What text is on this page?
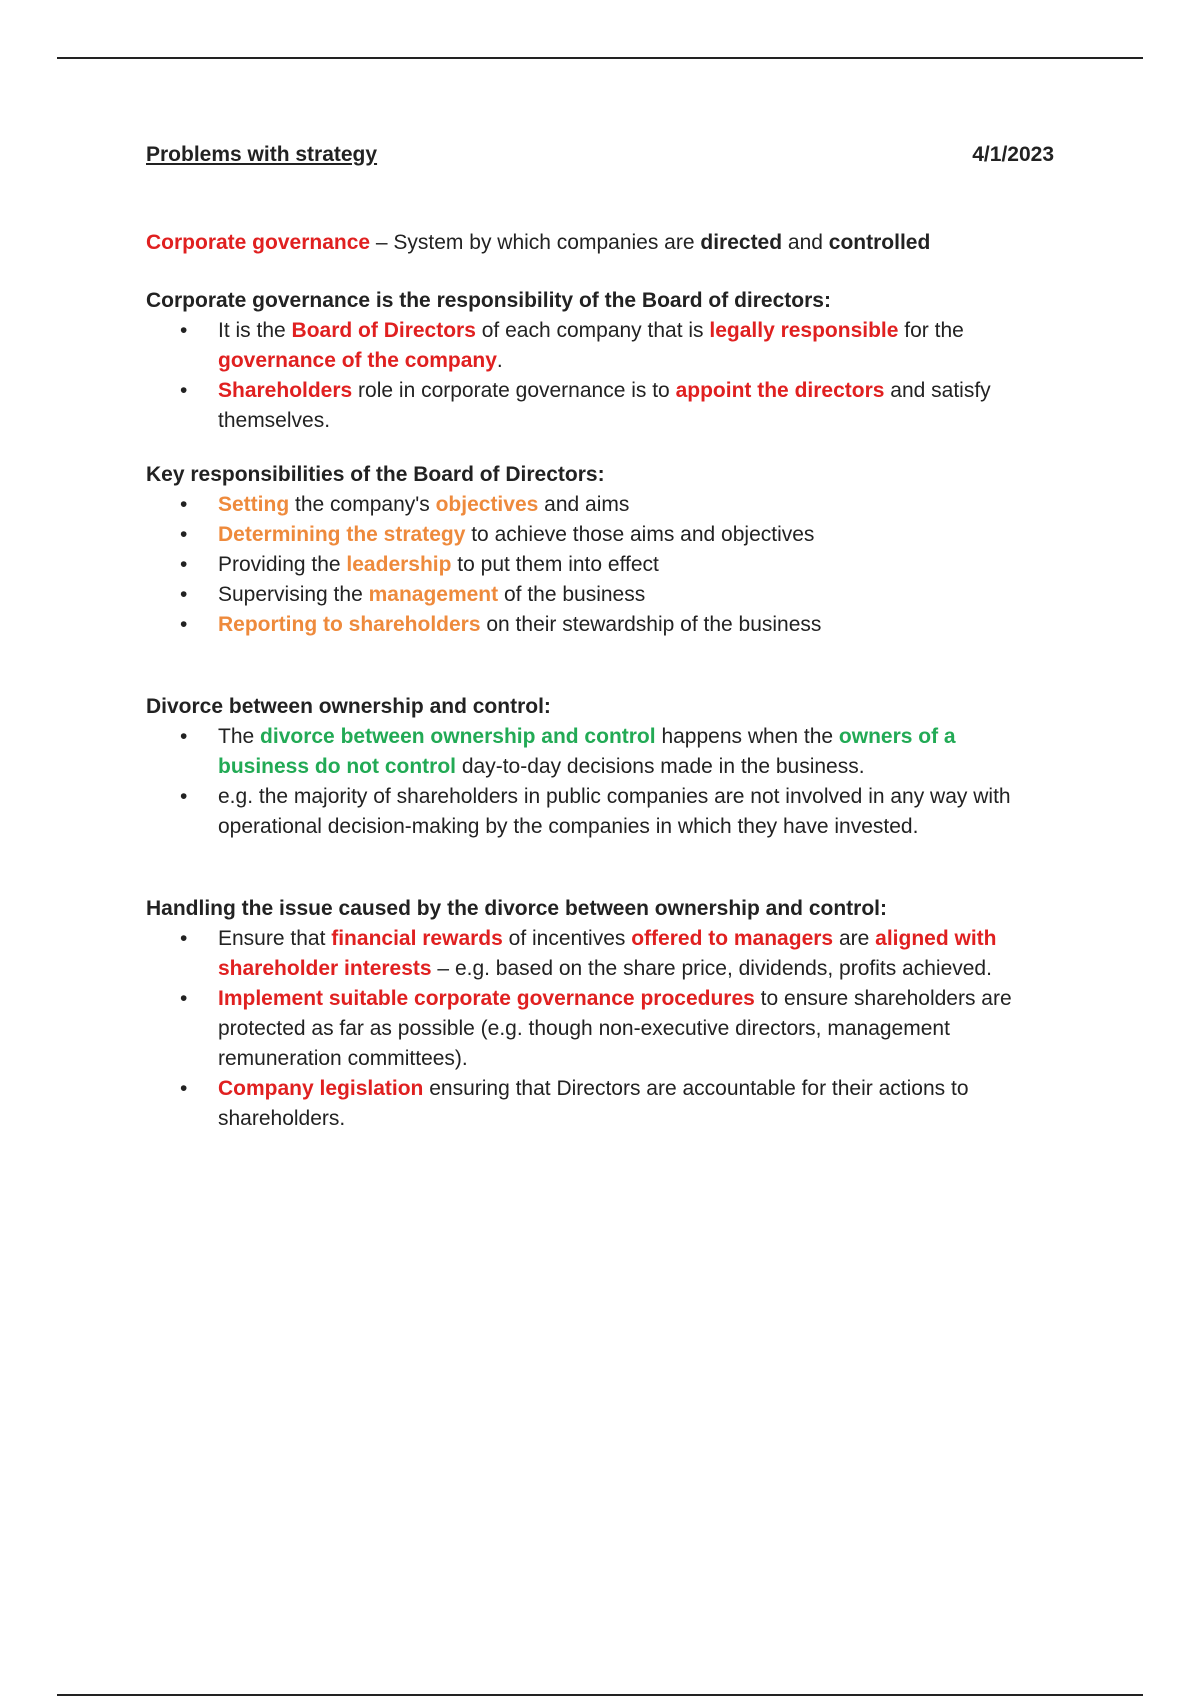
Problems with strategy	4/1/2023

Corporate governance – System by which companies are directed and controlled

Corporate governance is the responsibility of the Board of directors:

• It is the Board of Directors of each company that is legally responsible for the governance of the company.
• Shareholders role in corporate governance is to appoint the directors and satisfy themselves.

Key responsibilities of the Board of Directors:

• Setting the company's objectives and aims
• Determining the strategy to achieve those aims and objectives
• Providing the leadership to put them into effect
• Supervising the management of the business
• Reporting to shareholders on their stewardship of the business

Divorce between ownership and control:

• The divorce between ownership and control happens when the owners of a business do not control day-to-day decisions made in the business.
• e.g. the majority of shareholders in public companies are not involved in any way with operational decision-making by the companies in which they have invested.

Handling the issue caused by the divorce between ownership and control:

• Ensure that financial rewards of incentives offered to managers are aligned with shareholder interests – e.g. based on the share price, dividends, profits achieved.
• Implement suitable corporate governance procedures to ensure shareholders are protected as far as possible (e.g. though non-executive directors, management remuneration committees).
• Company legislation ensuring that Directors are accountable for their actions to shareholders.
